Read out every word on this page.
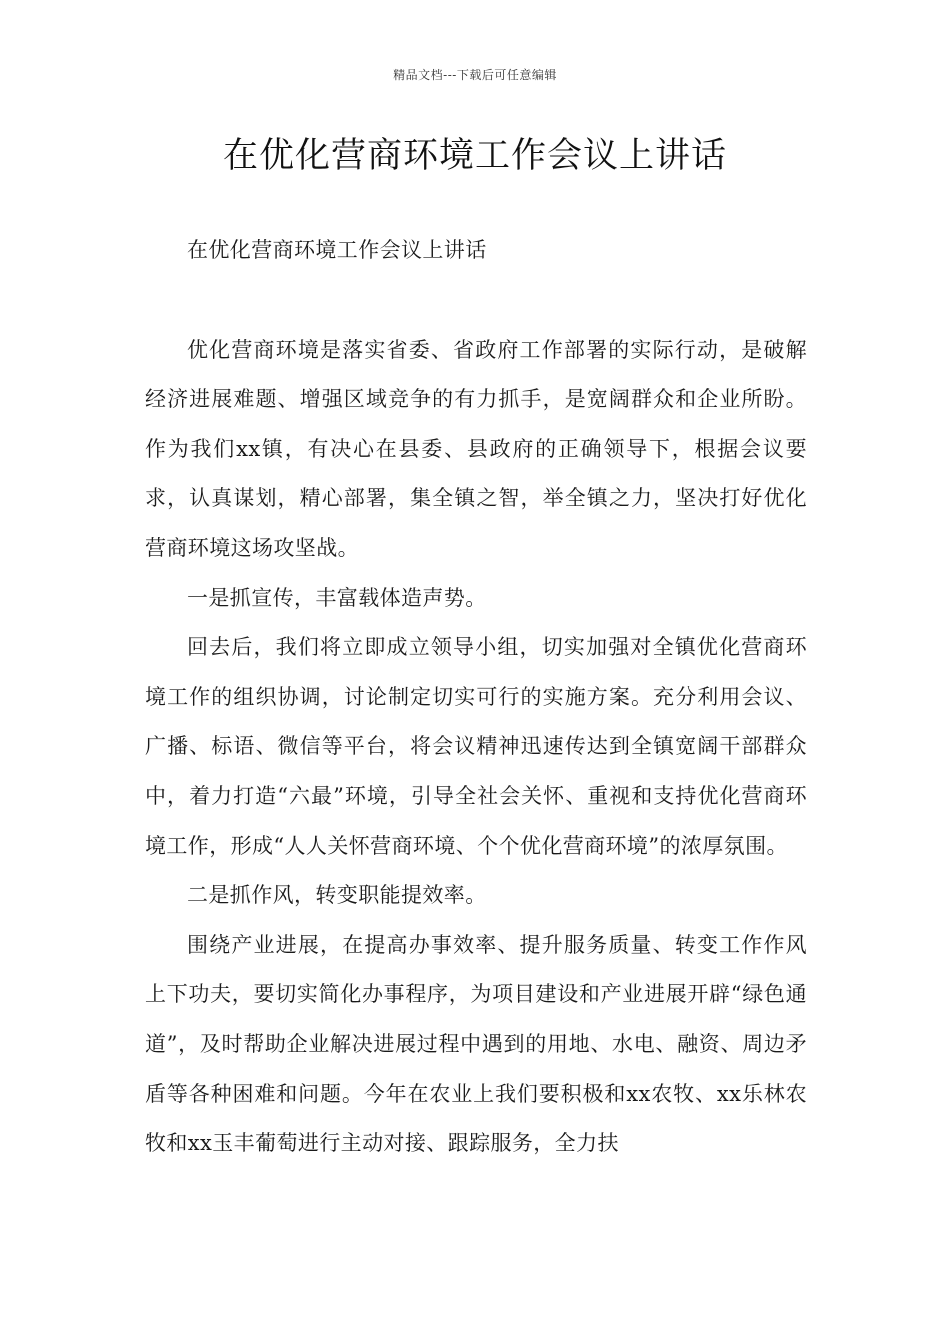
精品文档---下载后可任意编辑
在优化营商环境工作会议上讲话

在优化营商环境工作会议上讲话

优化营商环境是落实省委、省政府工作部署的实际行动，是破解经济进展难题、增强区域竞争的有力抓手，是宽阔群众和企业所盼。作为我们xx镇，有决心在县委、县政府的正确领导下，根据会议要求，认真谋划，精心部署，集全镇之智，举全镇之力，坚决打好优化营商环境这场攻坚战。

一是抓宣传，丰富载体造声势。

回去后，我们将立即成立领导小组，切实加强对全镇优化营商环境工作的组织协调，讨论制定切实可行的实施方案。充分利用会议、广播、标语、微信等平台，将会议精神迅速传达到全镇宽阔干部群众中，着力打造“六最”环境，引导全社会关怀、重视和支持优化营商环境工作，形成“人人关怀营商环境、个个优化营商环境”的浓厚氛围。

二是抓作风，转变职能提效率。

围绕产业进展，在提高办事效率、提升服务质量、转变工作作风上下功夫，要切实简化办事程序，为项目建设和产业进展开辟“绿色通道”，及时帮助企业解决进展过程中遇到的用地、水电、融资、周边矛盾等各种困难和问题。今年在农业上我们要积极和xx农牧、xx乐林农牧和xx玉丰葡萄进行主动对接、跟踪服务，全力扶
